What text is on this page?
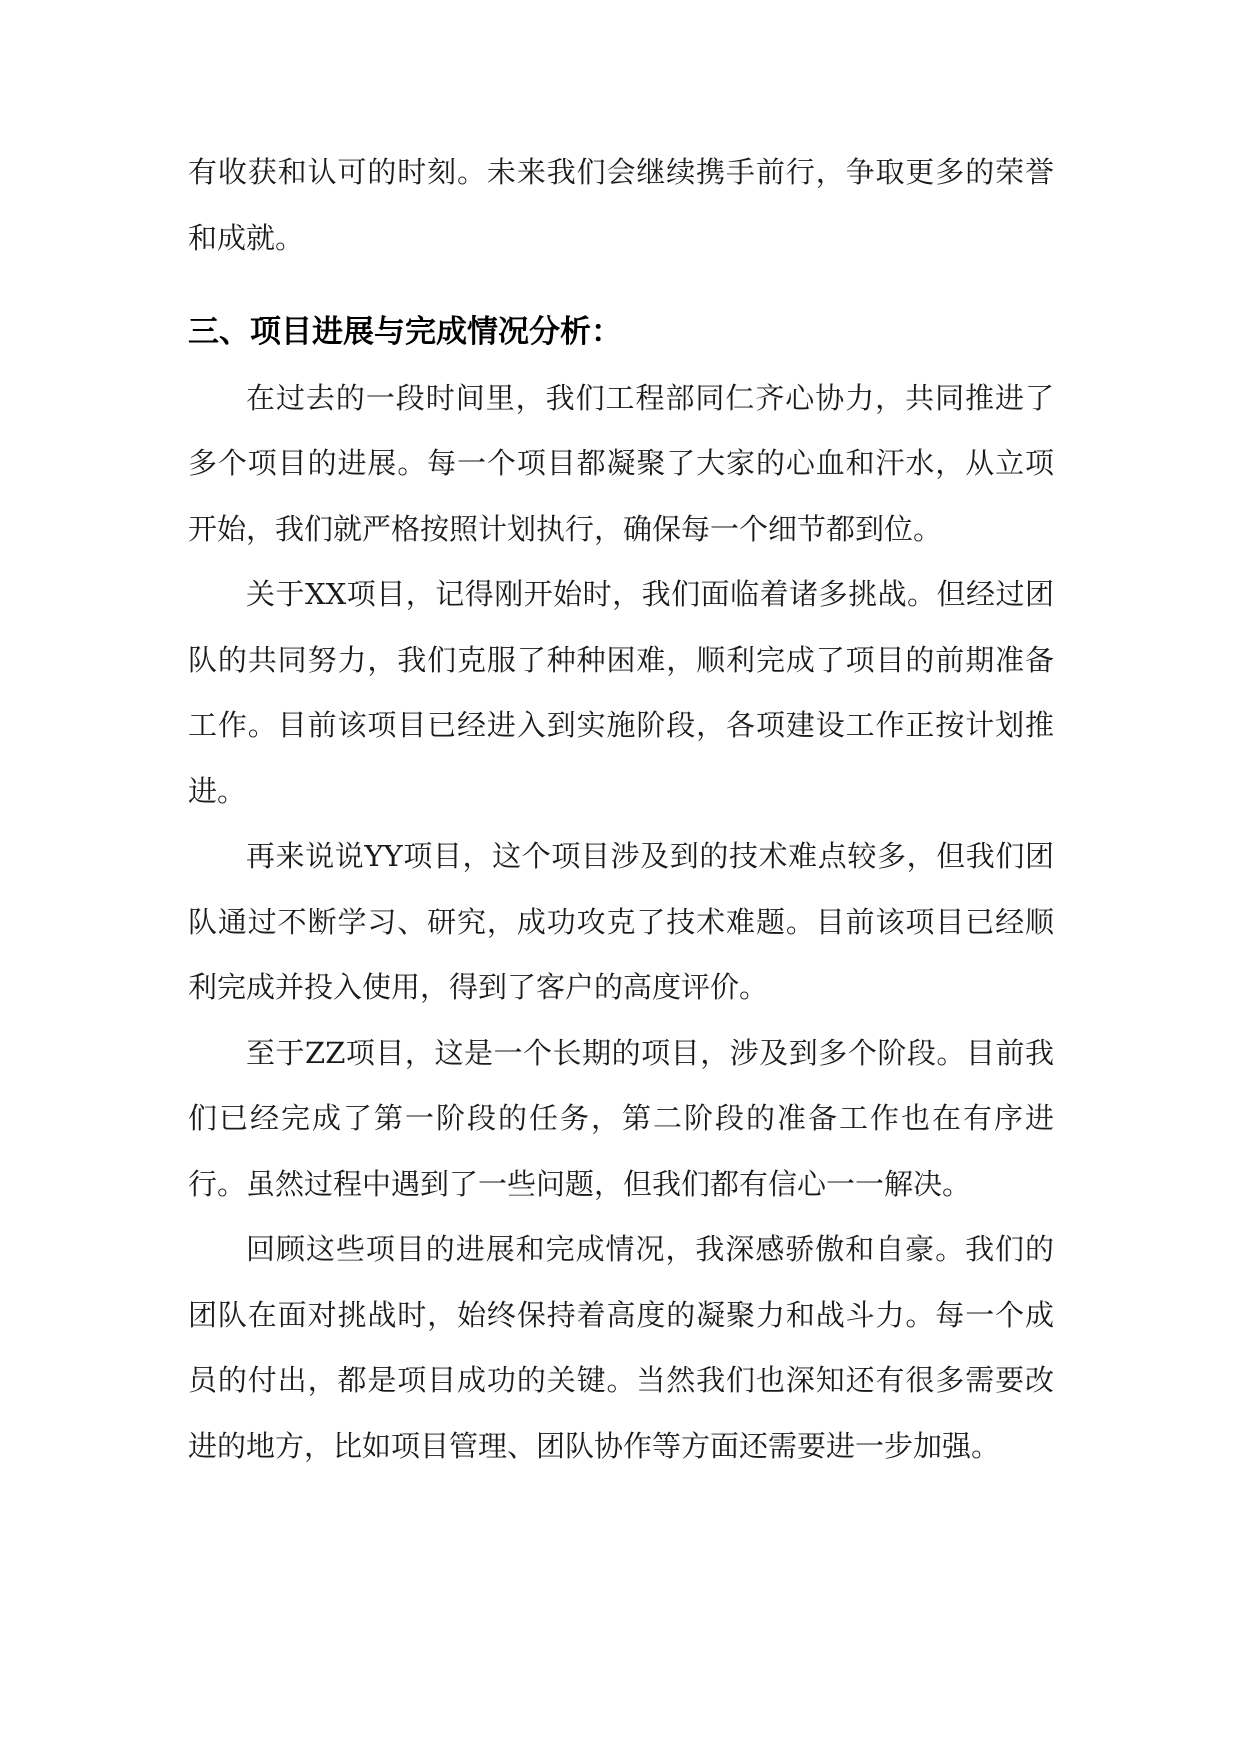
有收获和认可的时刻。未来我们会继续携手前行，争取更多的荣誉和成就。

三、项目进展与完成情况分析：

在过去的一段时间里，我们工程部同仁齐心协力，共同推进了多个项目的进展。每一个项目都凝聚了大家的心血和汗水，从立项开始，我们就严格按照计划执行，确保每一个细节都到位。

关于XX项目，记得刚开始时，我们面临着诸多挑战。但经过团队的共同努力，我们克服了种种困难，顺利完成了项目的前期准备工作。目前该项目已经进入到实施阶段，各项建设工作正按计划推进。

再来说说YY项目，这个项目涉及到的技术难点较多，但我们团队通过不断学习、研究，成功攻克了技术难题。目前该项目已经顺利完成并投入使用，得到了客户的高度评价。

至于ZZ项目，这是一个长期的项目，涉及到多个阶段。目前我们已经完成了第一阶段的任务，第二阶段的准备工作也在有序进行。虽然过程中遇到了一些问题，但我们都有信心一一解决。

回顾这些项目的进展和完成情况，我深感骄傲和自豪。我们的团队在面对挑战时，始终保持着高度的凝聚力和战斗力。每一个成员的付出，都是项目成功的关键。当然我们也深知还有很多需要改进的地方，比如项目管理、团队协作等方面还需要进一步加强。
